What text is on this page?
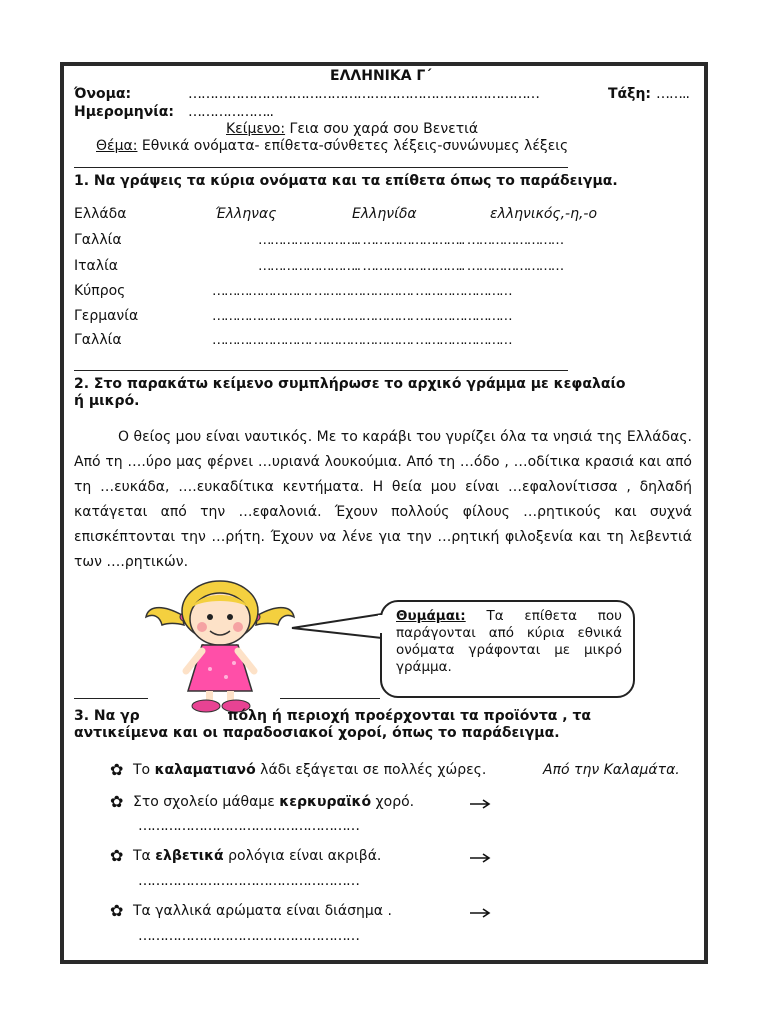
ΕΛΛΗΝΙΚΑ Γ΄
Όνομα:	………………………………………………………………………	Τάξη: ……..
Ημερομηνία: ………………..
Κείμενο: Γεια σου χαρά σου Βενετιά
Θέμα: Εθνικά ονόματα- επίθετα-σύνθετες λέξεις-συνώνυμες λέξεις
1. Να γράψεις τα κύρια ονόματα και τα επίθετα όπως το παράδειγμα.
Ελλάδα	Έλληνας	Ελληνίδα	ελληνικός,-η,-ο
Γαλλία	…………………….. …………………….. ……………………
Ιταλία	…………………….. …………………….. ……………………
Κύπρος	……………………. ……………………. ……………………
Γερμανία	……………………. ……………………. ……………………
Γαλλία	……………………. ……………………. ……………………
2. Στο παρακάτω κείμενο συμπλήρωσε το αρχικό γράμμα με κεφαλαίο
ή μικρό.

Ο θείος μου είναι ναυτικός. Με το καράβι του γυρίζει όλα τα νησιά της Ελλάδας. Από τη ….ύρο μας φέρνει …υριανά λουκούμια. Από τη …όδο , …οδίτικα κρασιά και από τη …ευκάδα, ….ευκαδίτικα κεντήματα. Η θεία μου είναι …εφαλονίτισσα , δηλαδή κατάγεται από την …εφαλονιά. Έχουν πολλούς φίλους …ρητικούς και συχνά επισκέπτονται την …ρήτη. Έχουν να λένε για την …ρητική φιλοξενία και τη λεβεντιά των ….ρητικών.

Θυμάμαι: Τα επίθετα που παράγονται από κύρια εθνικά ονόματα γράφονται με μικρό γράμμα.
3. Να γρ                  πόλη ή περιοχή προέρχονται τα προϊόντα , τα
αντικείμενα και οι παραδοσιακοί χοροί, όπως το παράδειγμα.
✿ Το καλαματιανό λάδι εξάγεται σε πολλές χώρες.	Από την Καλαμάτα.
✿ Στο σχολείο μάθαμε κερκυραϊκό χορό.
……………………………………………
✿ Τα ελβετικά ρολόγια είναι ακριβά.
……………………………………………
✿ Τα γαλλικά αρώματα είναι διάσημα .
……………………………………………
